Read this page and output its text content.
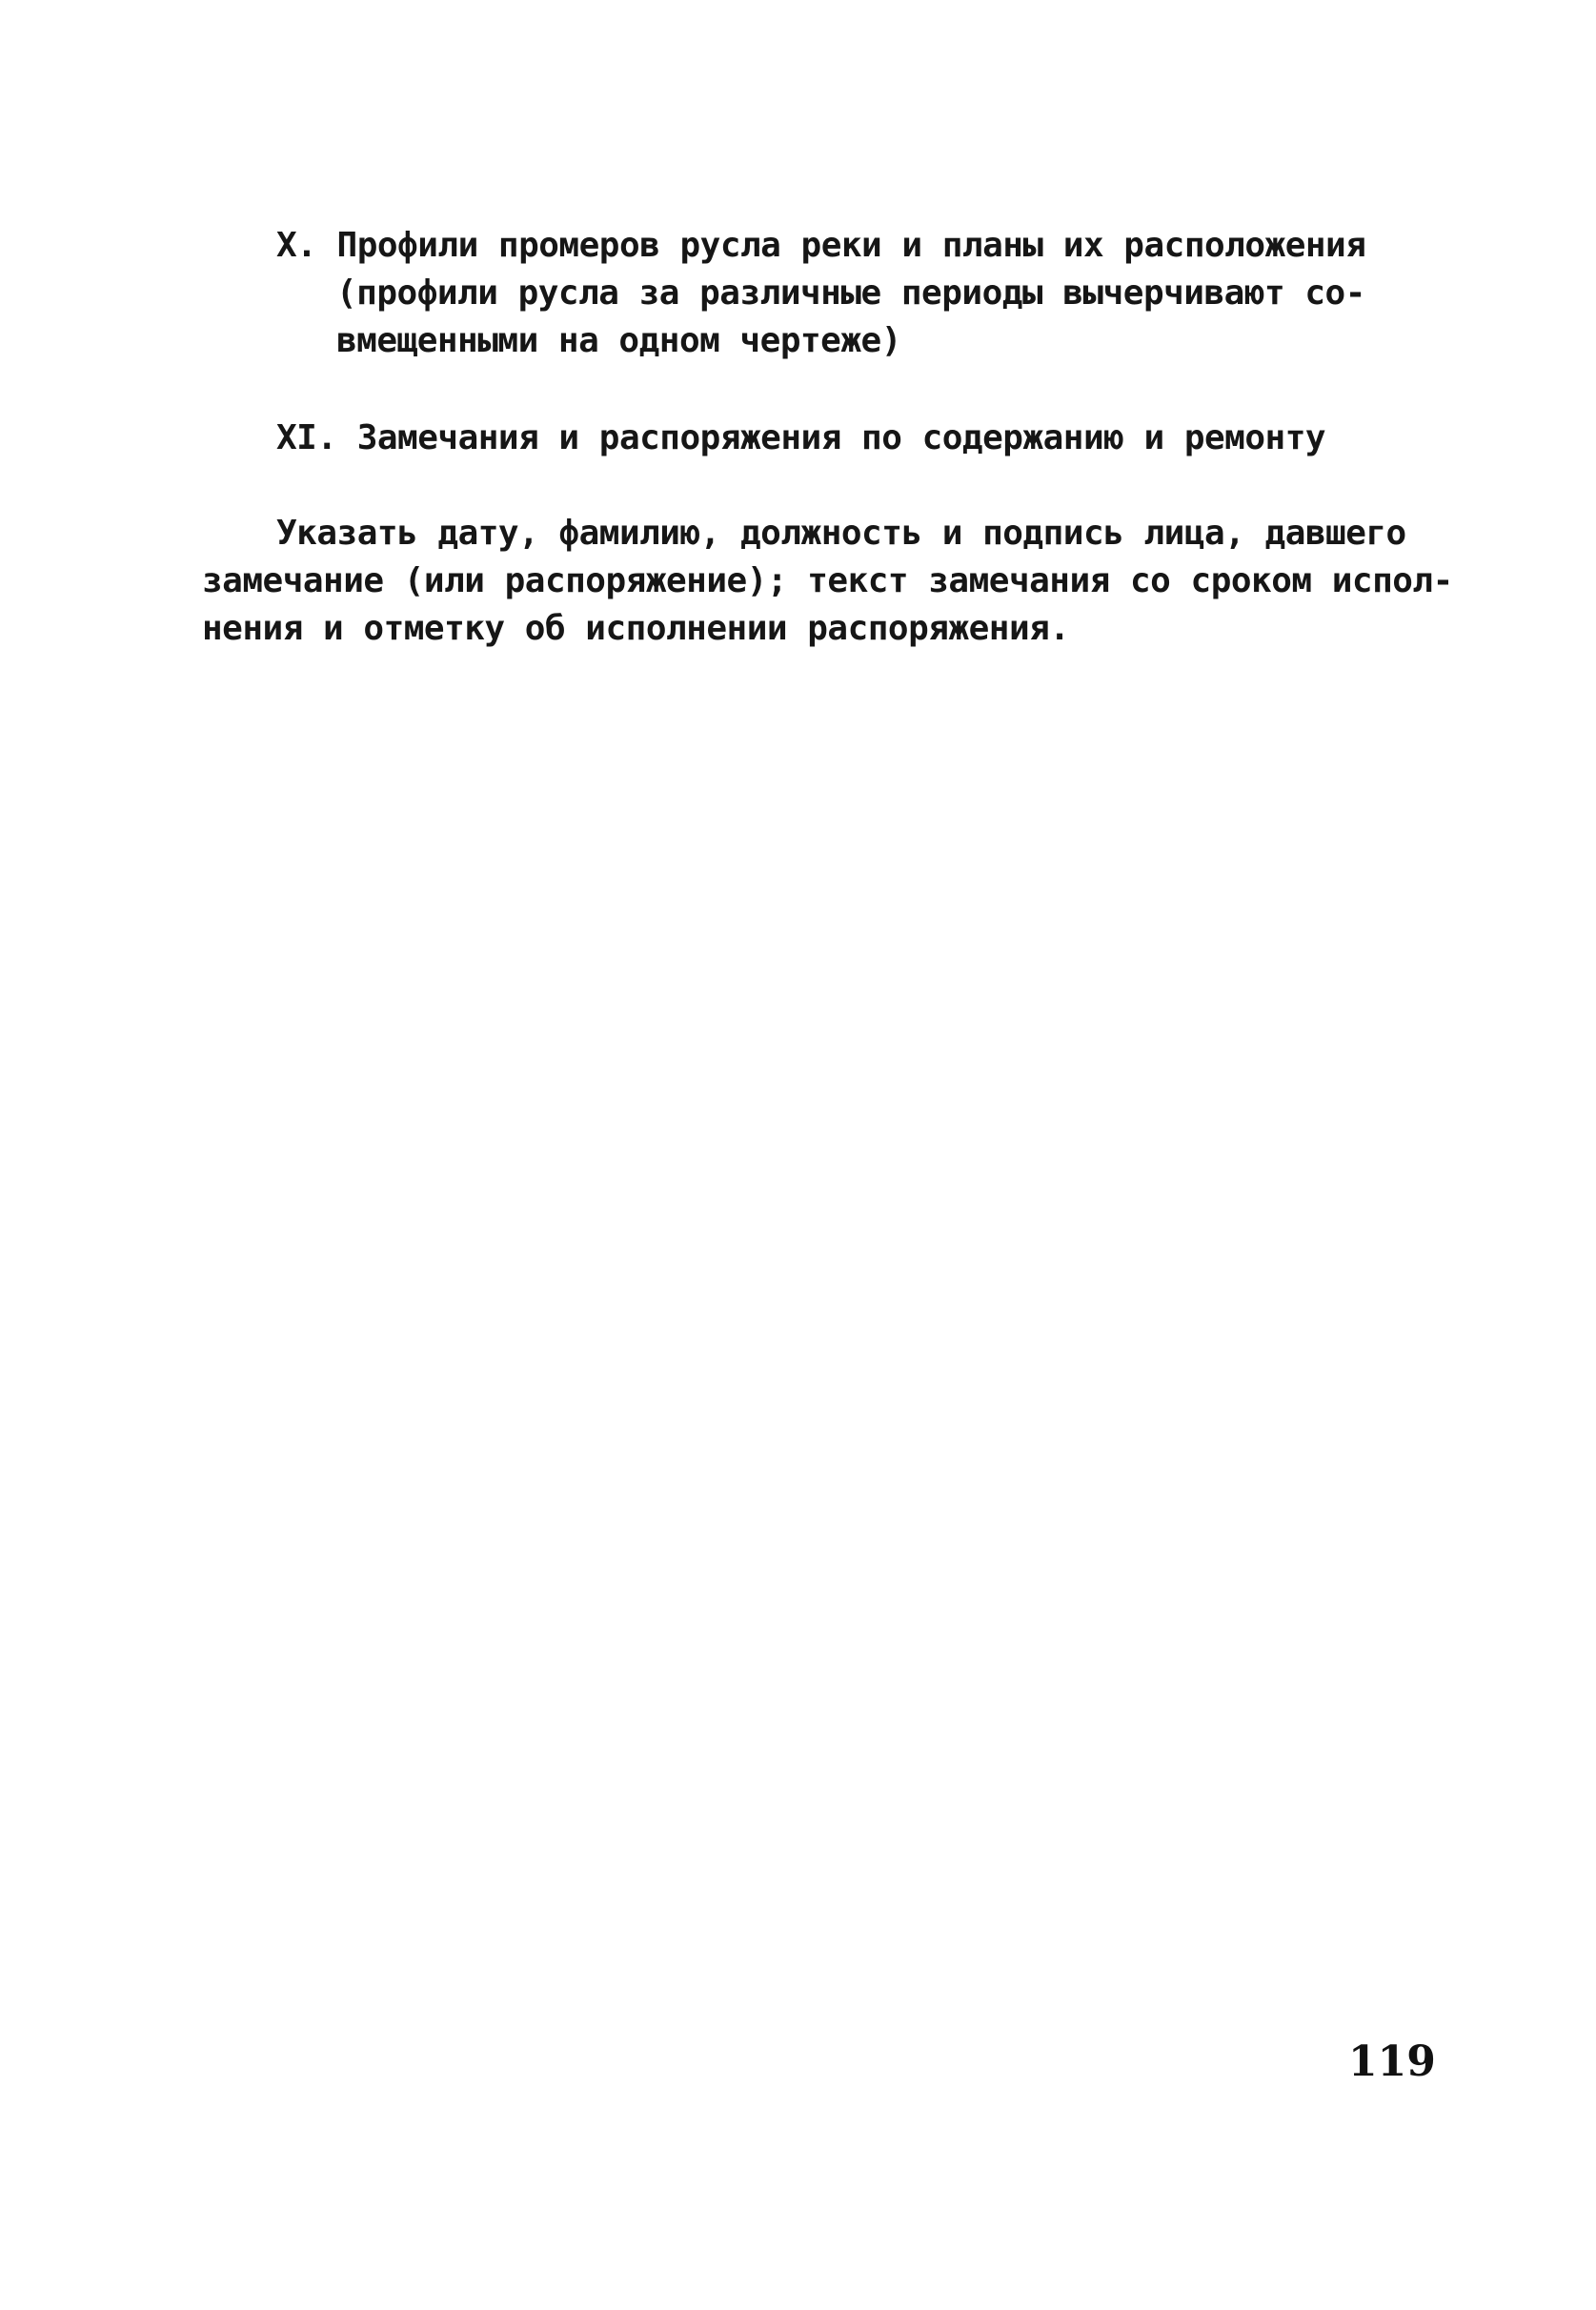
X. Профили промеров русла реки и планы их расположения
(профили русла за различные периоды вычерчивают со-
вмещенными на одном чертеже)
XI. Замечания и распоряжения по содержанию и ремонту
Указать дату, фамилию, должность и подпись лица, давшего
замечание (или распоряжение); текст замечания со сроком испол-
нения и отметку об исполнении распоряжения.
119
